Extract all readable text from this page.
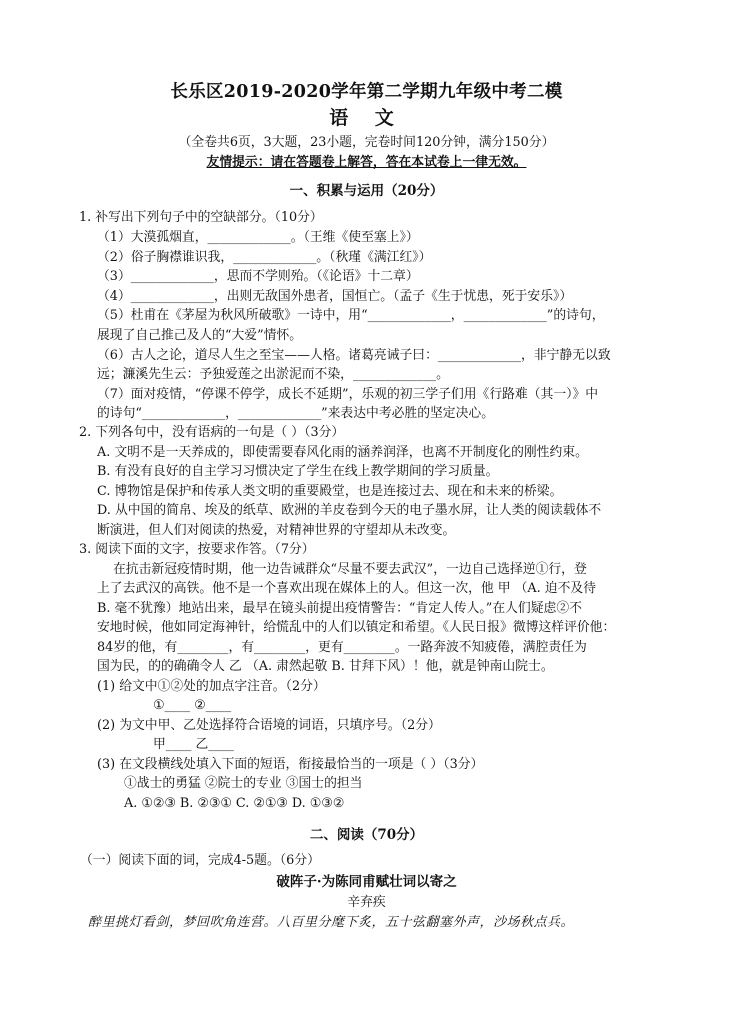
长乐区2019-2020学年第二学期九年级中考二模
语 文
（全卷共6页，3大题，23小题，完卷时间120分钟，满分150分）
友情提示：请在答题卷上解答，答在本试卷上一律无效。
一、积累与运用（20分）
1. 补写出下列句子中的空缺部分。（10分）
（1）大漠孤烟直，_____________。（王维《使至塞上》）
（2）俗子胸襟谁识我，_____________。（秋瑾《满江红》）
（3）_____________，思而不学则殆。（《论语》十二章）
（4）_____________，出则无敌国外患者，国恒亡。（孟子《生于忧患，死于安乐》）
（5）杜甫在《茅屋为秋风所破歌》一诗中，用“_____________，_____________”的诗句，
展现了自己推己及人的“大爱”情怀。
（6）古人之论，道尽人生之至宝——人格。诸葛亮诫子曰：_____________，非宁静无以致
远；濂溪先生云：予独爱莲之出淤泥而不染，_____________。
（7）面对疫情，“停课不停学，成长不延期”，乐观的初三学子们用《行路难（其一）》中
的诗句“_____________，_____________”来表达中考必胜的坚定决心。
2. 下列各句中，没有语病的一句是（ ）（3分）
A. 文明不是一天养成的，即使需要春风化雨的涵养润泽，也离不开制度化的刚性约束。
B. 有没有良好的自主学习习惯决定了学生在线上教学期间的学习质量。
C. 博物馆是保护和传承人类文明的重要殿堂，也是连接过去、现在和未来的桥梁。
D. 从中国的简帛、埃及的纸草、欧洲的羊皮卷到今天的电子墨水屏，让人类的阅读载体不
断演进，但人们对阅读的热爱，对精神世界的守望却从未改变。
3. 阅读下面的文字，按要求作答。（7分）
在抗击新冠疫情时期，他一边告诫群众“尽量不要去武汉”，一边自己选择逆①行，登
上了去武汉的高铁。他不是一个喜欢出现在媒体上的人。但这一次，他 甲 （A. 迫不及待
B. 毫不犹豫）地站出来，最早在镜头前提出疫情警告：“肯定人传人。”在人们疑虑②不
安地时候，他如同定海神针，给慌乱中的人们以镇定和希望。《人民日报》微博这样评价他：
84岁的他，有________，有________，更有________。一路奔波不知疲倦，满腔责任为
国为民，的的确确令人 乙 （A. 肃然起敬 B. 甘拜下风）！他，就是钟南山院士。
(1) 给文中①②处的加点字注音。（2分）
①____ ②____
(2) 为文中甲、乙处选择符合语境的词语，只填序号。（2分）
甲____ 乙____
(3) 在文段横线处填入下面的短语，衔接最恰当的一项是（ ）（3分）
①战士的勇猛 ②院士的专业 ③国士的担当
A. ①②③ B. ②③① C. ②①③ D. ①③②
二、阅读（70分）
（一）阅读下面的词，完成4-5题。（6分）
破阵子·为陈同甫赋壮词以寄之
辛弃疾
醉里挑灯看剑，梦回吹角连营。八百里分麾下炙，五十弦翻塞外声，沙场秋点兵。
